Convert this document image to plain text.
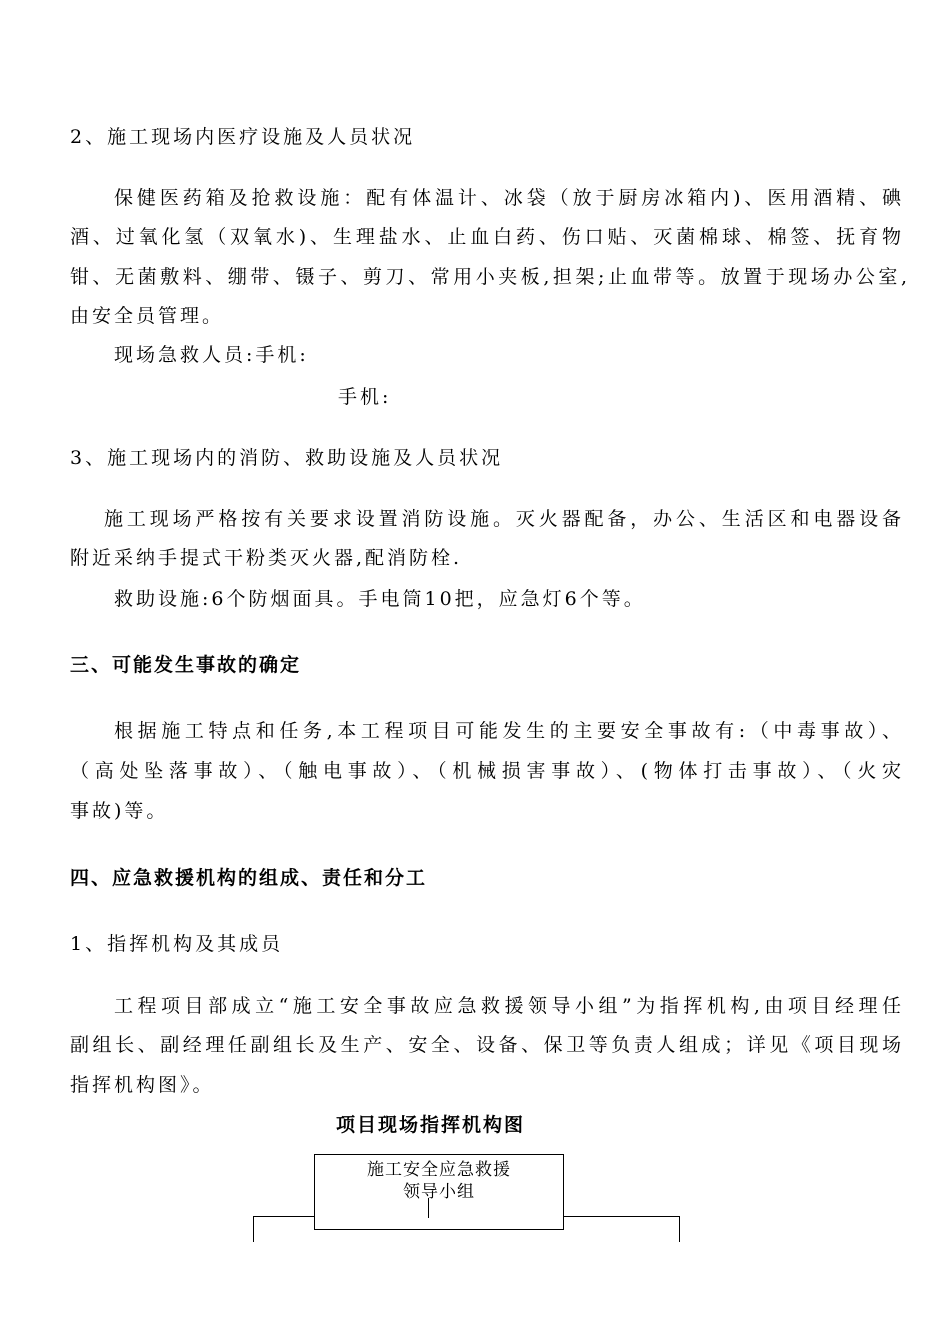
2、施工现场内医疗设施及人员状况
保健医药箱及抢救设施：配有体温计、冰袋（放于厨房冰箱内)、医用酒精、碘
酒、过氧化氢（双氧水)、生理盐水、止血白药、伤口贴、灭菌棉球、棉签、抚育物
钳、无菌敷料、绷带、镊子、剪刀、常用小夹板,担架;止血带等。放置于现场办公室,
由安全员管理。
现场急救人员:手机:
手机:
3、施工现场内的消防、救助设施及人员状况
施工现场严格按有关要求设置消防设施。灭火器配备，办公、生活区和电器设备
附近采纳手提式干粉类灭火器,配消防栓.
救助设施:6个防烟面具。手电筒10把，应急灯6个等。
三、可能发生事故的确定
根据施工特点和任务,本工程项目可能发生的主要安全事故有:（中毒事故）、
（高处坠落事故）、（触电事故）、（机械损害事故）、(物体打击事故）、（火灾
事故)等。
四、应急救援机构的组成、责任和分工
1、指挥机构及其成员
工程项目部成立“施工安全事故应急救援领导小组”为指挥机构,由项目经理任
副组长、副经理任副组长及生产、安全、设备、保卫等负责人组成；详见《项目现场
指挥机构图》。
项目现场指挥机构图
施工安全应急救援
领导小组
